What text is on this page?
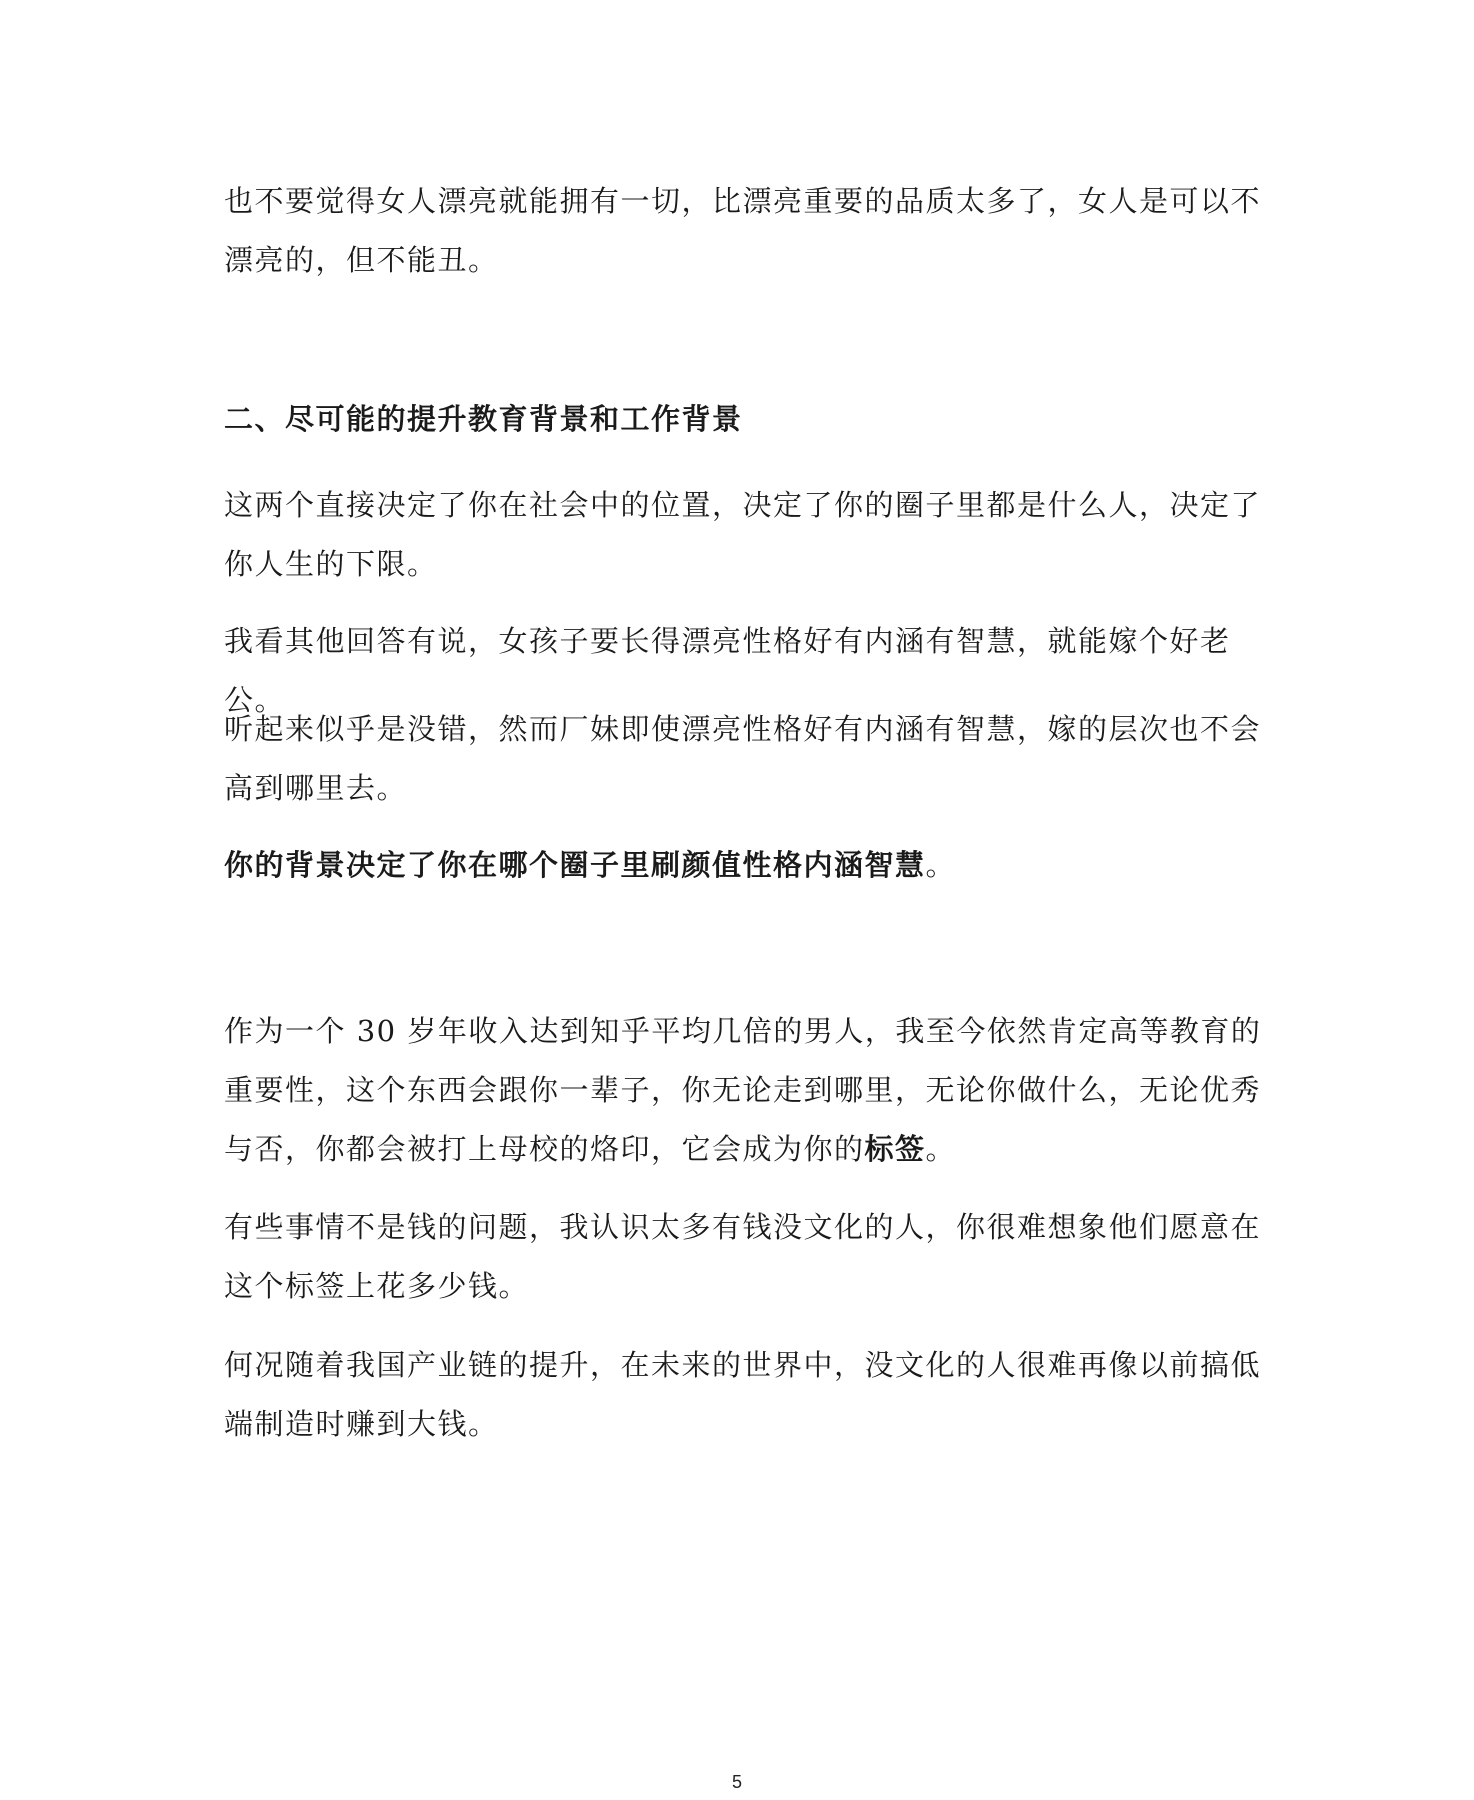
也不要觉得女人漂亮就能拥有一切，比漂亮重要的品质太多了，女人是可以不漂亮的，但不能丑。

二、尽可能的提升教育背景和工作背景

这两个直接决定了你在社会中的位置，决定了你的圈子里都是什么人，决定了你人生的下限。

我看其他回答有说，女孩子要长得漂亮性格好有内涵有智慧，就能嫁个好老公。

听起来似乎是没错，然而厂妹即使漂亮性格好有内涵有智慧，嫁的层次也不会高到哪里去。

你的背景决定了你在哪个圈子里刷颜值性格内涵智慧。

作为一个 30 岁年收入达到知乎平均几倍的男人，我至今依然肯定高等教育的重要性，这个东西会跟你一辈子，你无论走到哪里，无论你做什么，无论优秀与否，你都会被打上母校的烙印，它会成为你的标签。

有些事情不是钱的问题，我认识太多有钱没文化的人，你很难想象他们愿意在这个标签上花多少钱。

何况随着我国产业链的提升，在未来的世界中，没文化的人很难再像以前搞低端制造时赚到大钱。

5
